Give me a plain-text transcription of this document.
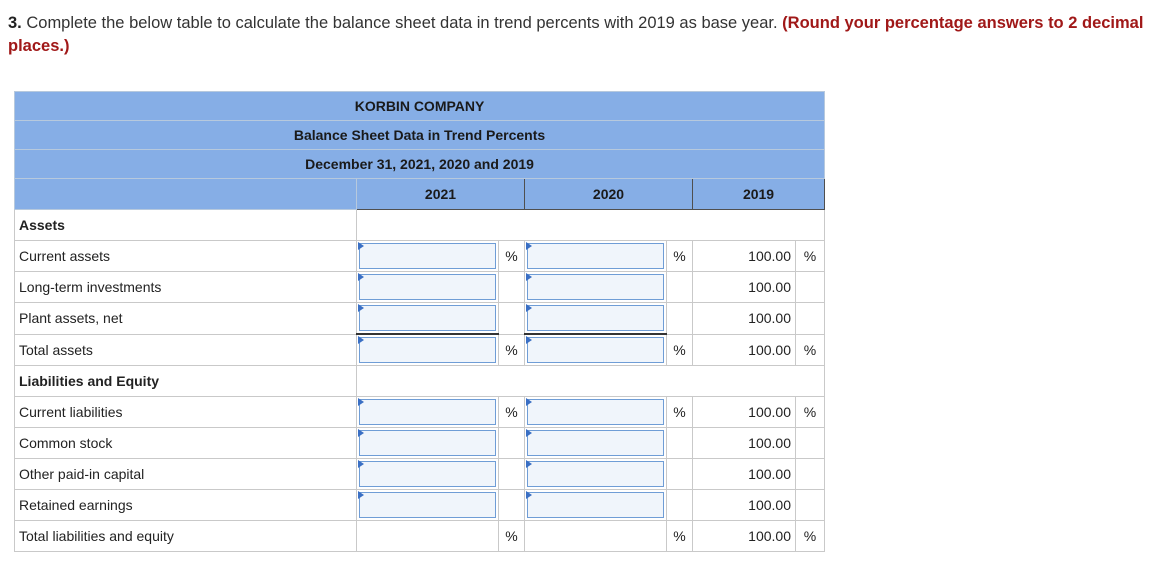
3. Complete the below table to calculate the balance sheet data in trend percents with 2019 as base year. (Round your percentage answers to 2 decimal places.)
KORBIN COMPANY						
Balance Sheet Data in Trend Percents						
December 31, 2021, 2020 and 2019						
	2021		2020		2019	
Assets						
Current assets		%		%	100.00	%
Long-term investments					100.00	
Plant assets, net					100.00	
Total assets		%		%	100.00	%
Liabilities and Equity						
Current liabilities		%		%	100.00	%
Common stock					100.00	
Other paid-in capital					100.00	
Retained earnings					100.00	
Total liabilities and equity		%		%	100.00	%
